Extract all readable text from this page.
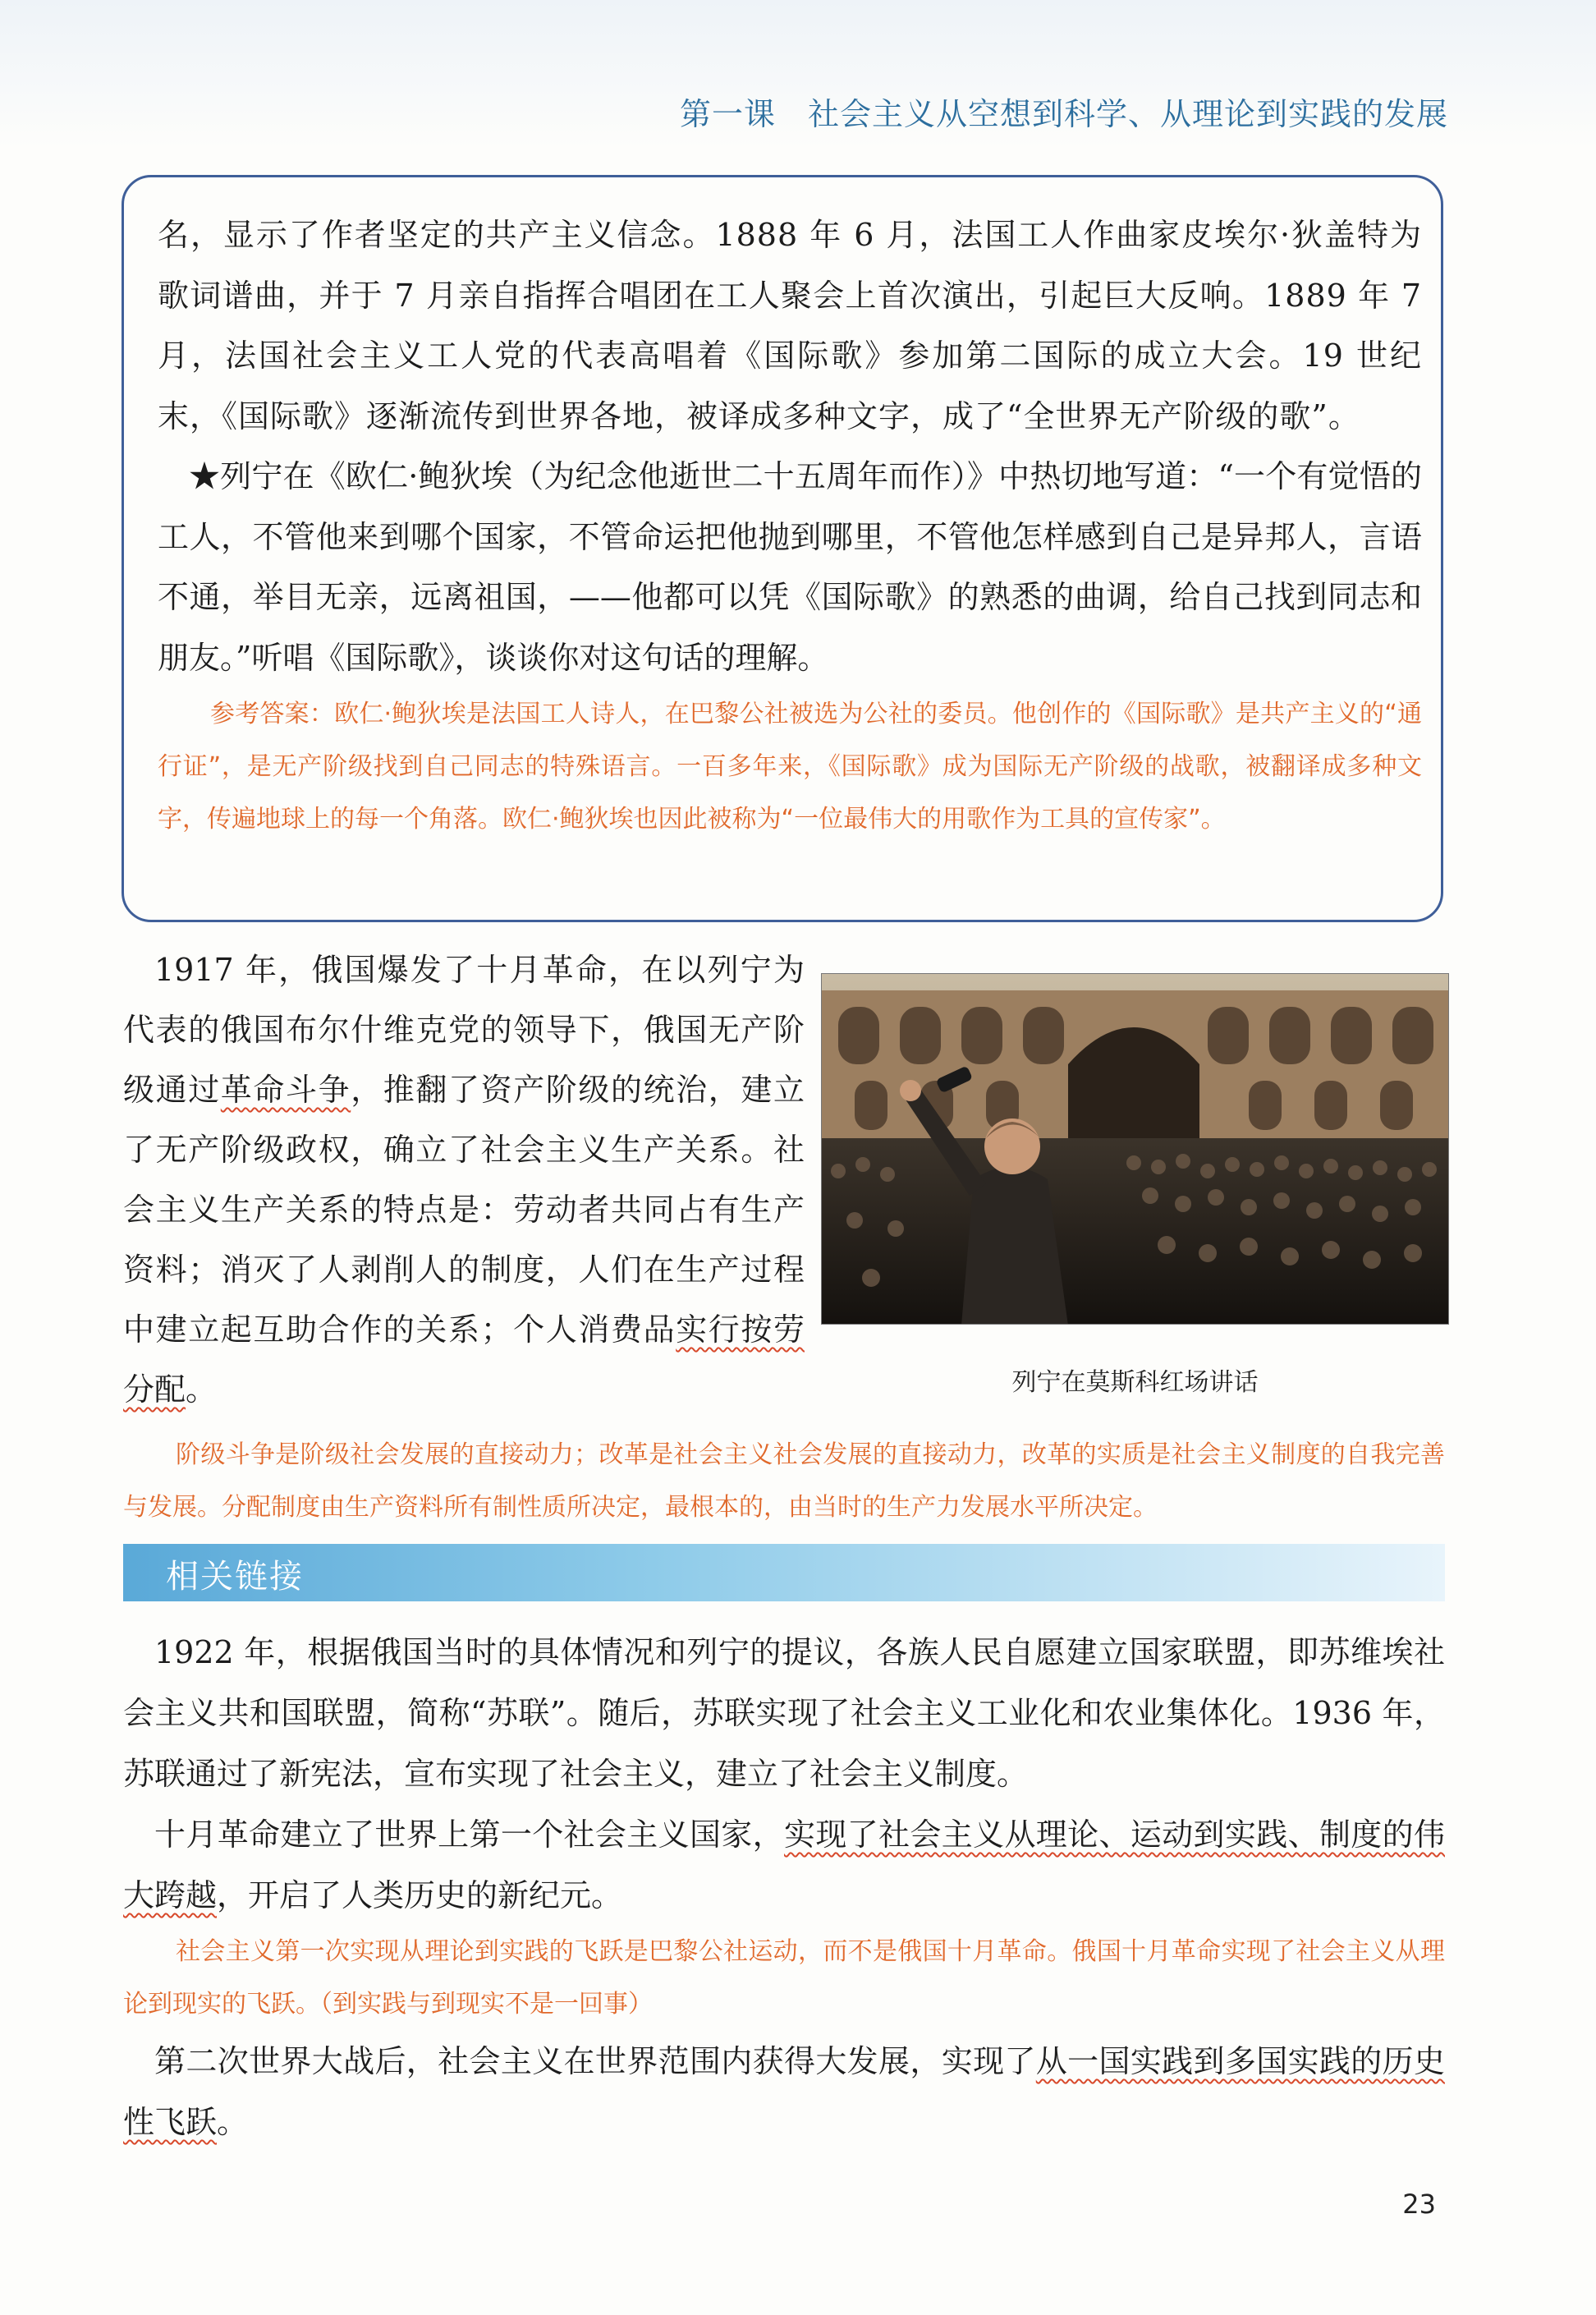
第一课　社会主义从空想到科学、从理论到实践的发展

名，显示了作者坚定的共产主义信念。1888 年 6 月，法国工人作曲家皮埃尔·狄盖特为歌词谱曲，并于 7 月亲自指挥合唱团在工人聚会上首次演出，引起巨大反响。1889 年 7 月，法国社会主义工人党的代表高唱着《国际歌》参加第二国际的成立大会。19 世纪末，《国际歌》逐渐流传到世界各地，被译成多种文字，成了“全世界无产阶级的歌”。

★列宁在《欧仁·鲍狄埃（为纪念他逝世二十五周年而作）》中热切地写道：“一个有觉悟的工人，不管他来到哪个国家，不管命运把他抛到哪里，不管他怎样感到自己是异邦人，言语不通，举目无亲，远离祖国，——他都可以凭《国际歌》的熟悉的曲调，给自己找到同志和朋友。”听唱《国际歌》，谈谈你对这句话的理解。

参考答案：欧仁·鲍狄埃是法国工人诗人，在巴黎公社被选为公社的委员。他创作的《国际歌》是共产主义的“通行证”，是无产阶级找到自己同志的特殊语言。一百多年来，《国际歌》成为国际无产阶级的战歌，被翻译成多种文字，传遍地球上的每一个角落。欧仁·鲍狄埃也因此被称为“一位最伟大的用歌作为工具的宣传家”。

1917 年，俄国爆发了十月革命，在以列宁为代表的俄国布尔什维克党的领导下，俄国无产阶级通过革命斗争，推翻了资产阶级的统治，建立了无产阶级政权，确立了社会主义生产关系。社会主义生产关系的特点是：劳动者共同占有生产资料；消灭了人剥削人的制度，人们在生产过程中建立起互助合作的关系；个人消费品实行按劳分配。	列宁在莫斯科红场讲话

阶级斗争是阶级社会发展的直接动力；改革是社会主义社会发展的直接动力，改革的实质是社会主义制度的自我完善与发展。分配制度由生产资料所有制性质所决定，最根本的，由当时的生产力发展水平所决定。

相关链接

1922 年，根据俄国当时的具体情况和列宁的提议，各族人民自愿建立国家联盟，即苏维埃社会主义共和国联盟，简称“苏联”。随后，苏联实现了社会主义工业化和农业集体化。1936 年，苏联通过了新宪法，宣布实现了社会主义，建立了社会主义制度。

十月革命建立了世界上第一个社会主义国家，实现了社会主义从理论、运动到实践、制度的伟大跨越，开启了人类历史的新纪元。

社会主义第一次实现从理论到实践的飞跃是巴黎公社运动，而不是俄国十月革命。俄国十月革命实现了社会主义从理论到现实的飞跃。（到实践与到现实不是一回事）

第二次世界大战后，社会主义在世界范围内获得大发展，实现了从一国实践到多国实践的历史性飞跃。

23
